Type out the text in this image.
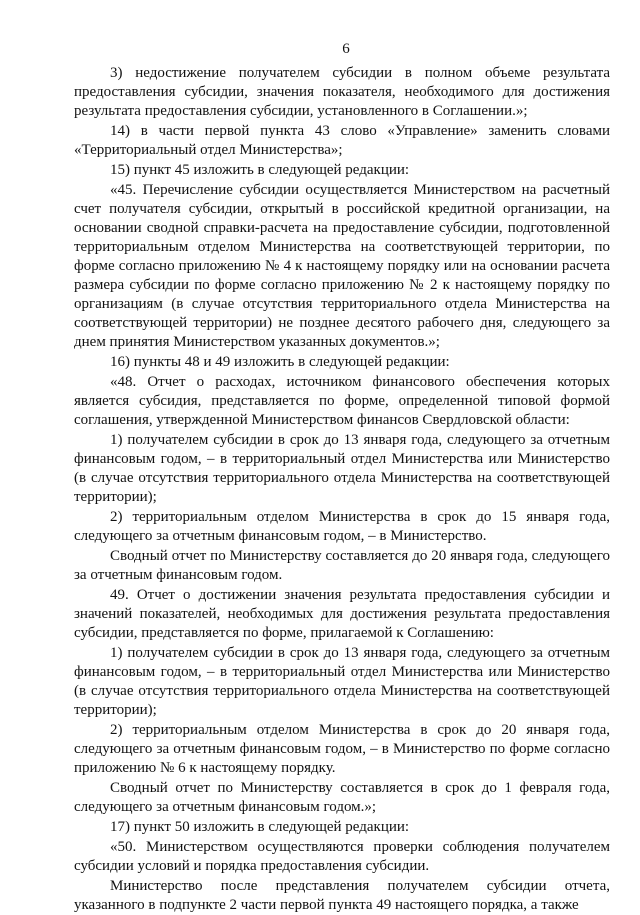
6

3) недостижение получателем субсидии в полном объеме результата предоставления субсидии, значения показателя, необходимого для достижения результата предоставления субсидии, установленного в Соглашении.»;

14) в части первой пункта 43 слово «Управление» заменить словами «Территориальный отдел Министерства»;

15) пункт 45 изложить в следующей редакции:

«45. Перечисление субсидии осуществляется Министерством на расчетный счет получателя субсидии, открытый в российской кредитной организации, на основании сводной справки-расчета на предоставление субсидии, подготовленной территориальным отделом Министерства на соответствующей территории, по форме согласно приложению № 4 к настоящему порядку или на основании расчета размера субсидии по форме согласно приложению № 2 к настоящему порядку по организациям (в случае отсутствия территориального отдела Министерства на соответствующей территории) не позднее десятого рабочего дня, следующего за днем принятия Министерством указанных документов.»;

16) пункты 48 и 49 изложить в следующей редакции:

«48. Отчет о расходах, источником финансового обеспечения которых является субсидия, представляется по форме, определенной типовой формой соглашения, утвержденной Министерством финансов Свердловской области:

1) получателем субсидии в срок до 13 января года, следующего за отчетным финансовым годом, – в территориальный отдел Министерства или Министерство (в случае отсутствия территориального отдела Министерства на соответствующей территории);

2) территориальным отделом Министерства в срок до 15 января года, следующего за отчетным финансовым годом, – в Министерство.

Сводный отчет по Министерству составляется до 20 января года, следующего за отчетным финансовым годом.

49. Отчет о достижении значения результата предоставления субсидии и значений показателей, необходимых для достижения результата предоставления субсидии, представляется по форме, прилагаемой к Соглашению:

1) получателем субсидии в срок до 13 января года, следующего за отчетным финансовым годом, – в территориальный отдел Министерства или Министерство (в случае отсутствия территориального отдела Министерства на соответствующей территории);

2) территориальным отделом Министерства в срок до 20 января года, следующего за отчетным финансовым годом, – в Министерство по форме согласно приложению № 6 к настоящему порядку.

Сводный отчет по Министерству составляется в срок до 1 февраля года, следующего за отчетным финансовым годом.»;

17) пункт 50 изложить в следующей редакции:

«50. Министерством осуществляются проверки соблюдения получателем субсидии условий и порядка предоставления субсидии.

Министерство после представления получателем субсидии отчета, указанного в подпункте 2 части первой пункта 49 настоящего порядка, а также
